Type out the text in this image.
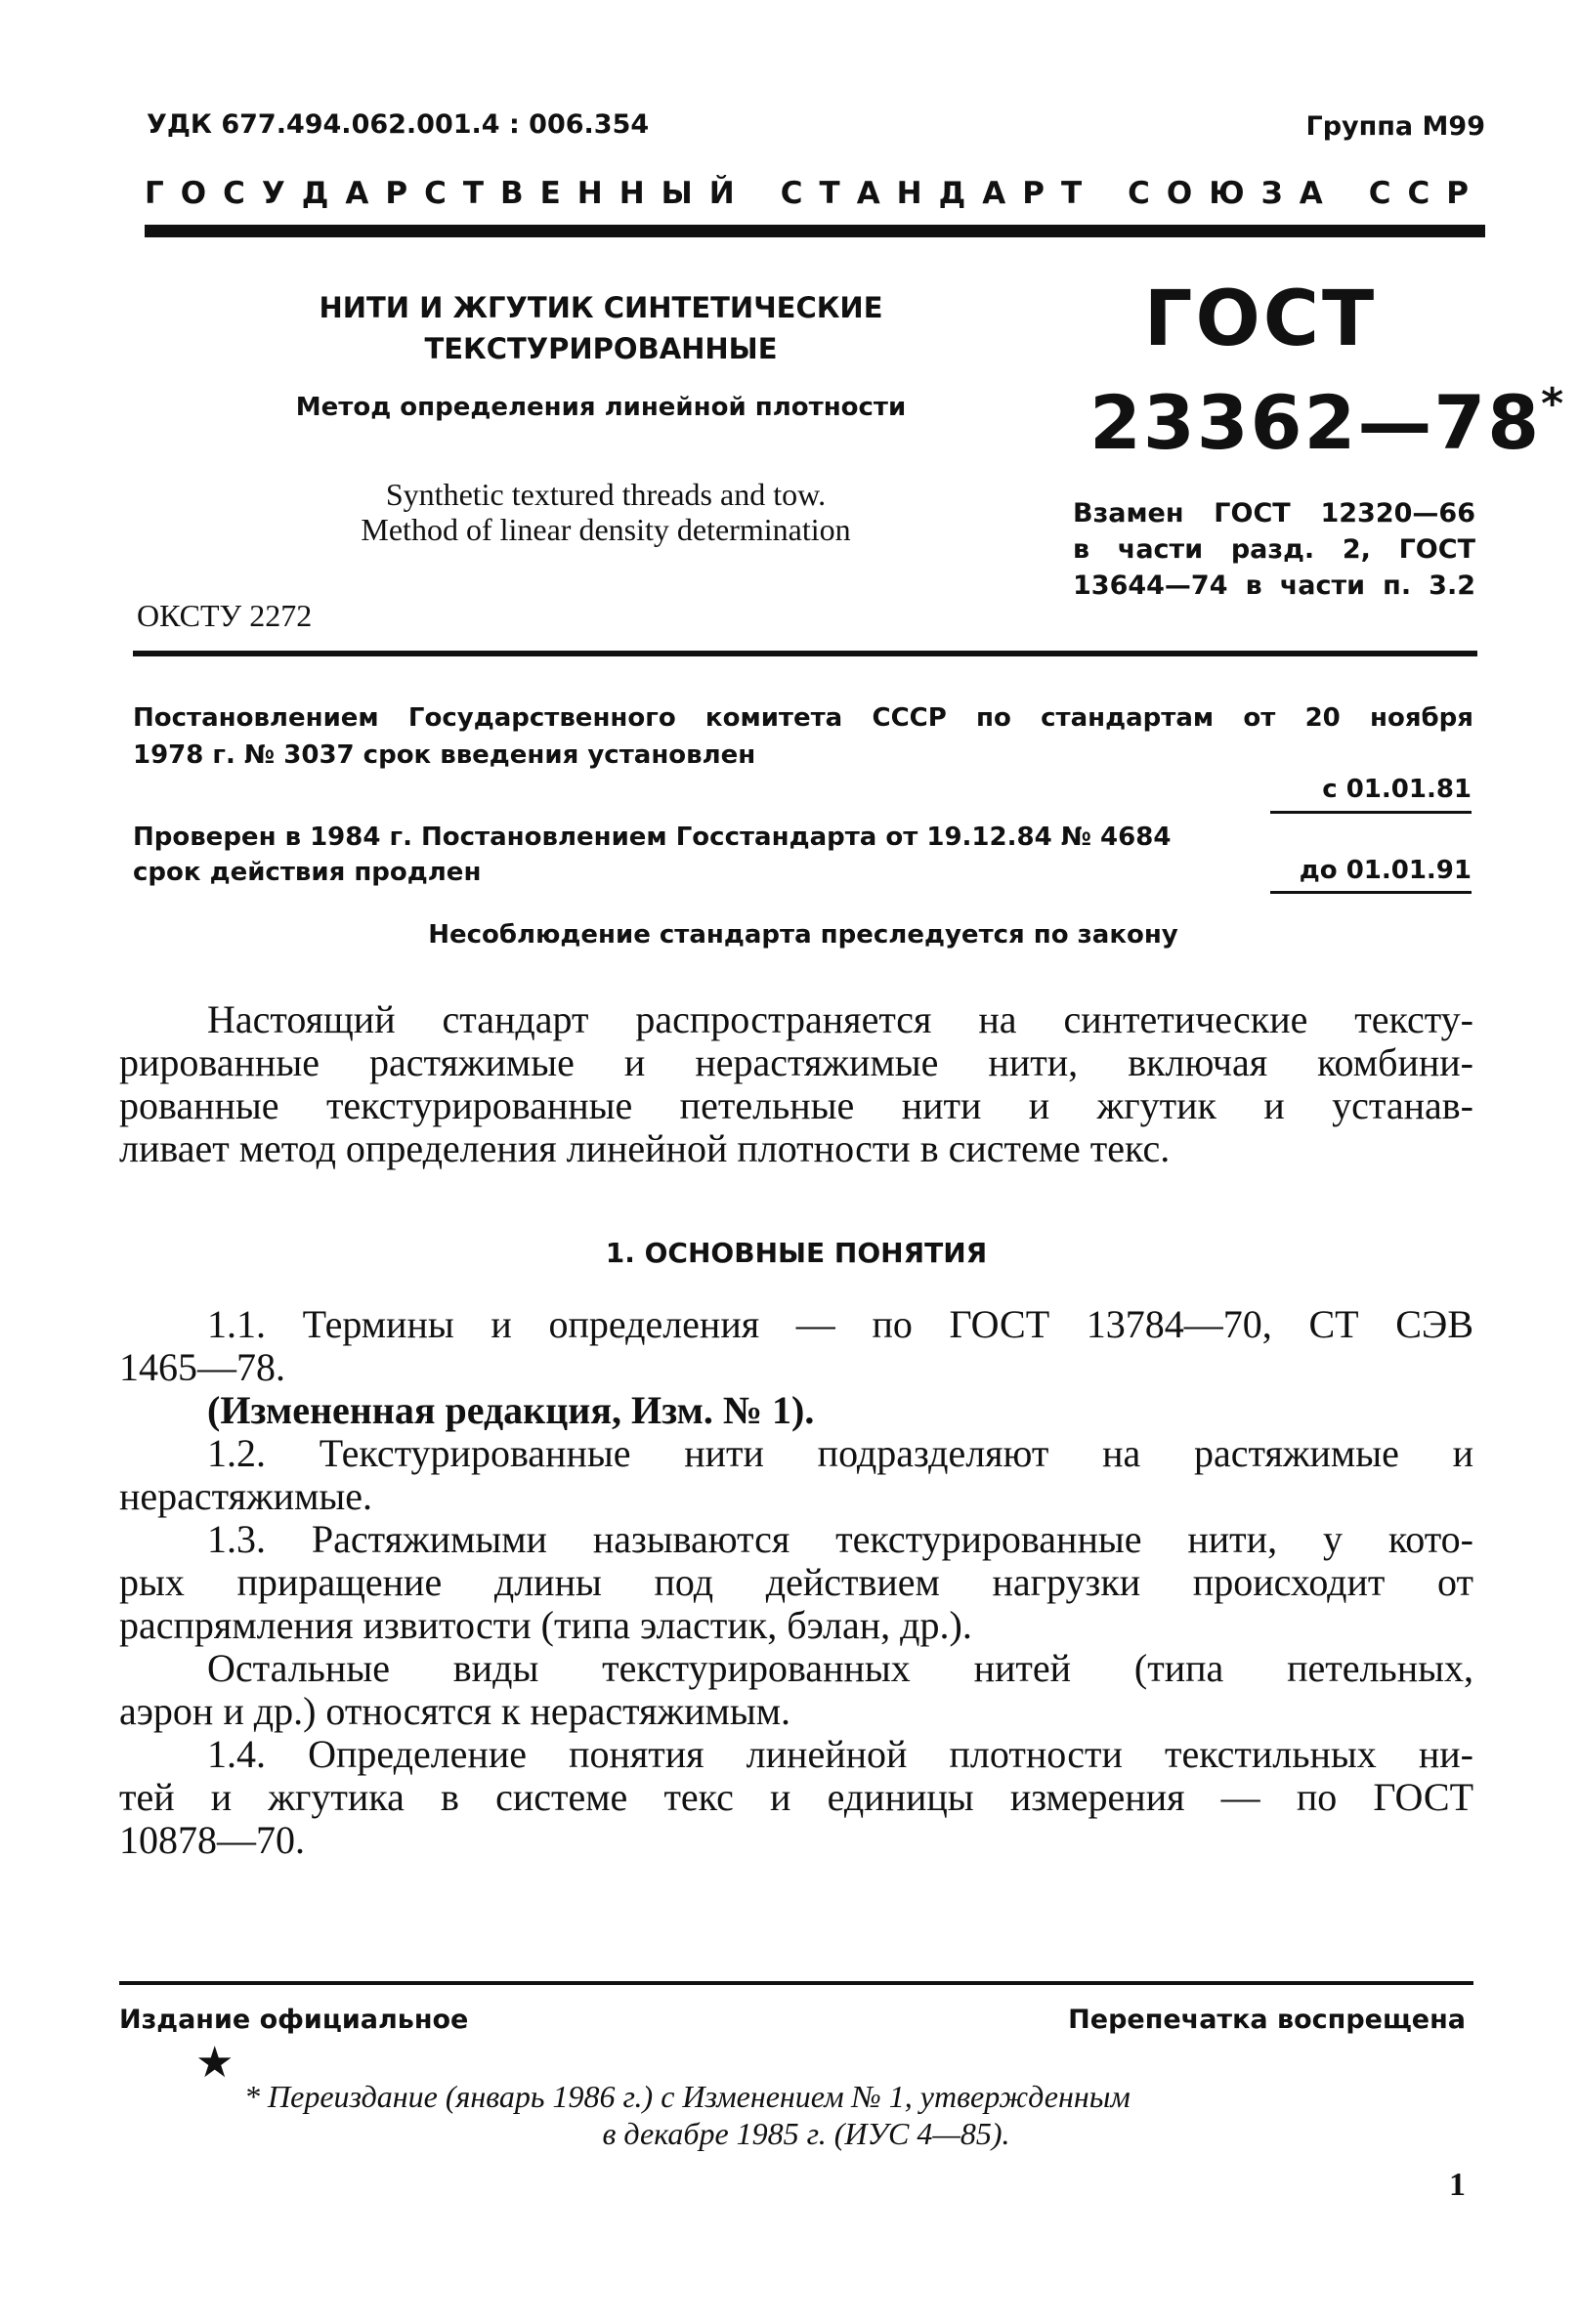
УДК 677.494.062.001.4 : 006.354	Группа М99
ГОСУДАРСТВЕННЫЙ СТАНДАРТ СОЮЗА ССР
НИТИ И ЖГУТИК СИНТЕТИЧЕСКИЕ
ТЕКСТУРИРОВАННЫЕ
Метод определения линейной плотности
Synthetic textured threads and tow.
Method of linear density determination
ОКСТУ 2272
ГОСТ
23362—78*
Взамен ГОСТ 12320—66
в части разд. 2, ГОСТ
13644—74 в части п. 3.2
Постановлением Государственного комитета СССР по стандартам от 20 ноября
1978 г. № 3037 срок введения установлен
с 01.01.81
Проверен в 1984 г. Постановлением Госстандарта от 19.12.84 № 4684
срок действия продлен	до 01.01.91
Несоблюдение стандарта преследуется по закону
Настоящий стандарт распространяется на синтетические тексту-
рированные растяжимые и нерастяжимые нити, включая комбини-
рованные текстурированные петельные нити и жгутик и устанав-
ливает метод определения линейной плотности в системе текс.
1. ОСНОВНЫЕ ПОНЯТИЯ
1.1. Термины и определения — по ГОСТ 13784—70, СТ СЭВ
1465—78.
(Измененная редакция, Изм. № 1).
1.2. Текстурированные нити подразделяют на растяжимые и
нерастяжимые.
1.3. Растяжимыми называются текстурированные нити, у кото-
рых приращение длины под действием нагрузки происходит от
распрямления извитости (типа эластик, бэлан, др.).
Остальные виды текстурированных нитей (типа петельных,
аэрон и др.) относятся к нерастяжимым.
1.4. Определение понятия линейной плотности текстильных ни-
тей и жгутика в системе текс и единицы измерения — по ГОСТ
10878—70.
Издание официальное	Перепечатка воспрещена
★
* Переиздание (январь 1986 г.) с Изменением № 1, утвержденным
в декабре 1985 г. (ИУС 4—85).
1
